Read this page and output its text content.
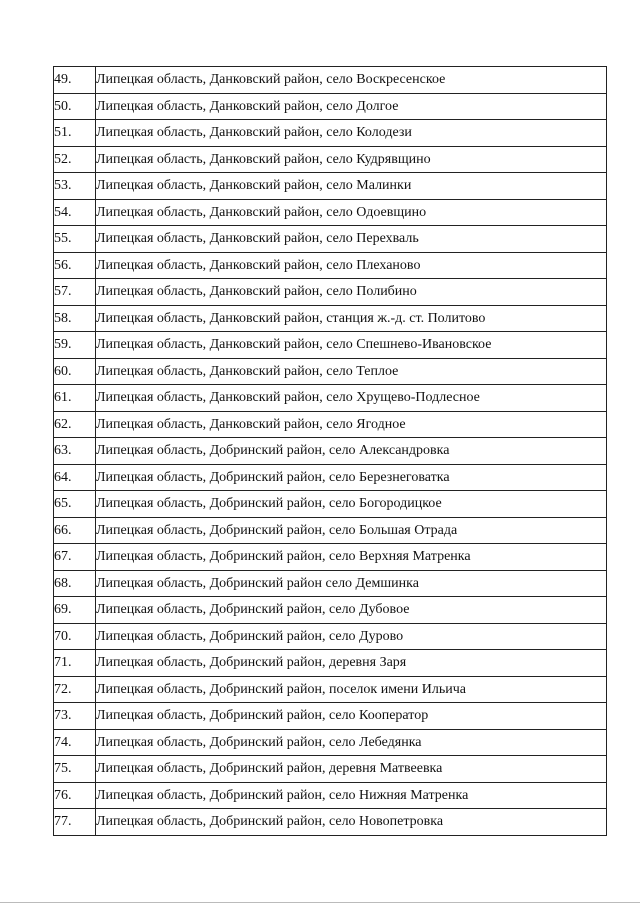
49.	Липецкая область, Данковский район, село Воскресенское
50.	Липецкая область, Данковский район, село Долгое
51.	Липецкая область, Данковский район, село Колодези
52.	Липецкая область, Данковский район, село Кудрявщино
53.	Липецкая область, Данковский район, село Малинки
54.	Липецкая область, Данковский район, село Одоевщино
55.	Липецкая область, Данковский район, село Перехваль
56.	Липецкая область, Данковский район, село Плеханово
57.	Липецкая область, Данковский район, село Полибино
58.	Липецкая область, Данковский район, станция ж.-д. ст. Политово
59.	Липецкая область, Данковский район, село Спешнево-Ивановское
60.	Липецкая область, Данковский район, село Теплое
61.	Липецкая область, Данковский район, село Хрущево-Подлесное
62.	Липецкая область, Данковский район, село Ягодное
63.	Липецкая область, Добринский район, село Александровка
64.	Липецкая область, Добринский район, село Березнеговатка
65.	Липецкая область, Добринский район, село Богородицкое
66.	Липецкая область, Добринский район, село Большая Отрада
67.	Липецкая область, Добринский район, село Верхняя Матренка
68.	Липецкая область, Добринский район село Демшинка
69.	Липецкая область, Добринский район, село Дубовое
70.	Липецкая область, Добринский район, село Дурово
71.	Липецкая область, Добринский район, деревня Заря
72.	Липецкая область, Добринский район, поселок имени Ильича
73.	Липецкая область, Добринский район, село Кооператор
74.	Липецкая область, Добринский район, село Лебедянка
75.	Липецкая область, Добринский район, деревня Матвеевка
76.	Липецкая область, Добринский район, село Нижняя Матренка
77.	Липецкая область, Добринский район, село Новопетровка
